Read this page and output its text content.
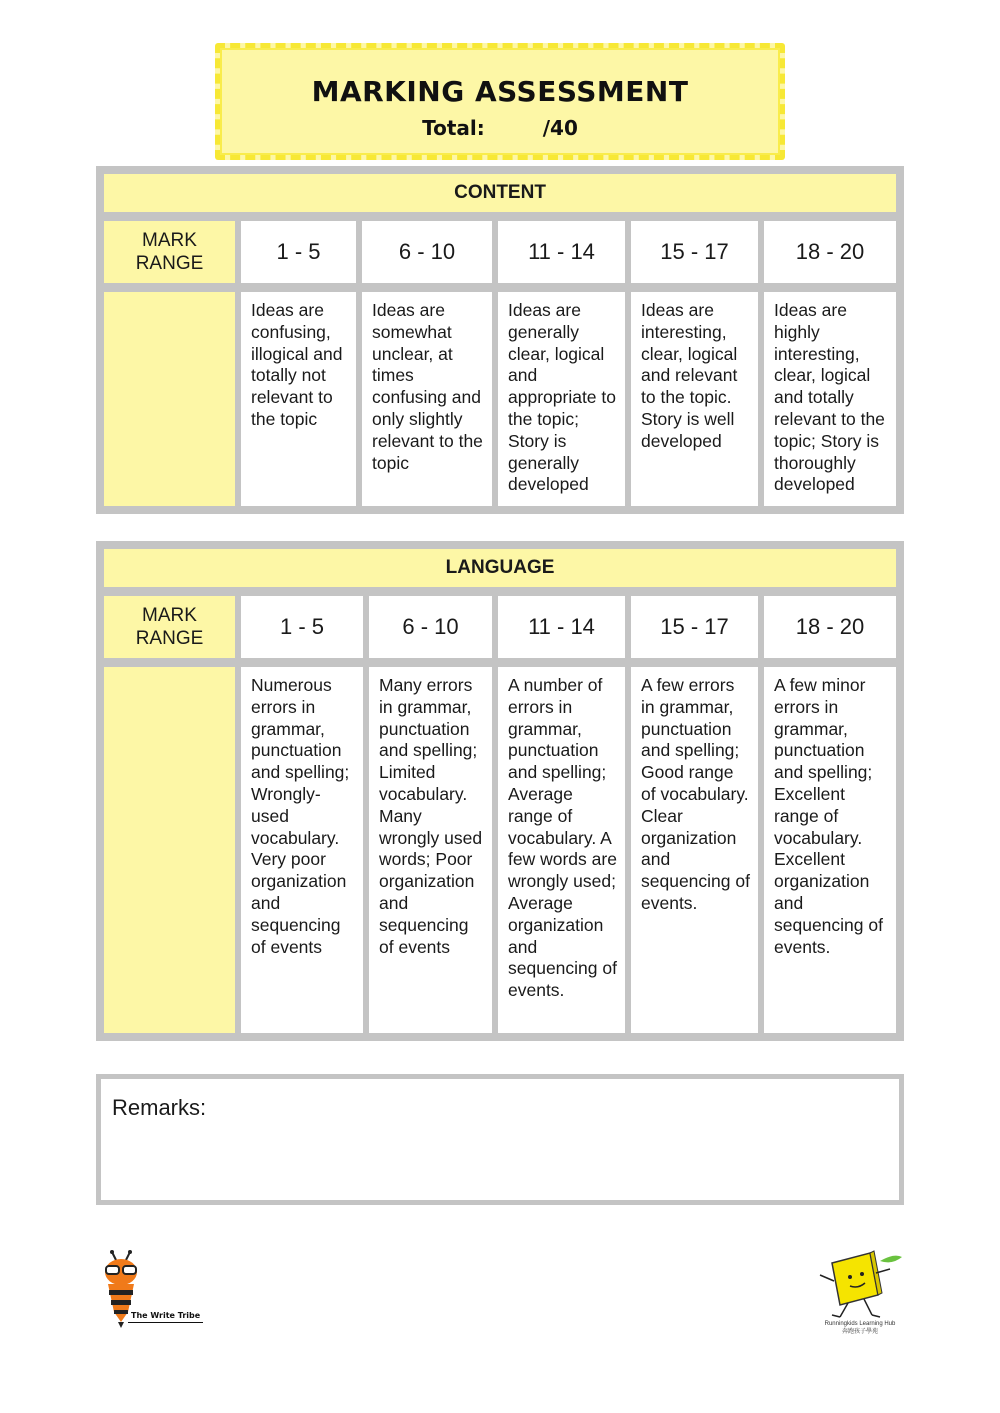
MARKING ASSESSMENT
Total:	/40
CONTENT					
MARK
RANGE	1 - 5	6 - 10	11 - 14	15 - 17	18 - 20
	Ideas are confusing, illogical and totally not relevant to the topic	Ideas are somewhat unclear, at times confusing and only slightly relevant to the topic	Ideas are generally clear, logical and appropriate to the topic; Story is generally developed	Ideas are interesting, clear, logical and relevant to the topic. Story is well developed	Ideas are highly interesting, clear, logical and totally relevant to the topic; Story is thoroughly developed
LANGUAGE					
MARK
RANGE	1 - 5	6 - 10	11 - 14	15 - 17	18 - 20
	Numerous errors in grammar, punctuation and spelling; Wrongly-used vocabulary. Very poor organization and sequencing of events	Many errors in grammar, punctuation and spelling; Limited vocabulary. Many wrongly used words; Poor organization and sequencing of events	A number of errors in grammar, punctuation and spelling; Average range of vocabulary. A few words are wrongly used; Average organization and sequencing of events.	A few errors in grammar, punctuation and spelling; Good range of vocabulary. Clear organization and sequencing of events.	A few minor errors in grammar, punctuation and spelling; Excellent range of vocabulary. Excellent organization and sequencing of events.
Remarks:
The Write Tribe
Runningkids Learning Hub
奔跑孩子學苑
